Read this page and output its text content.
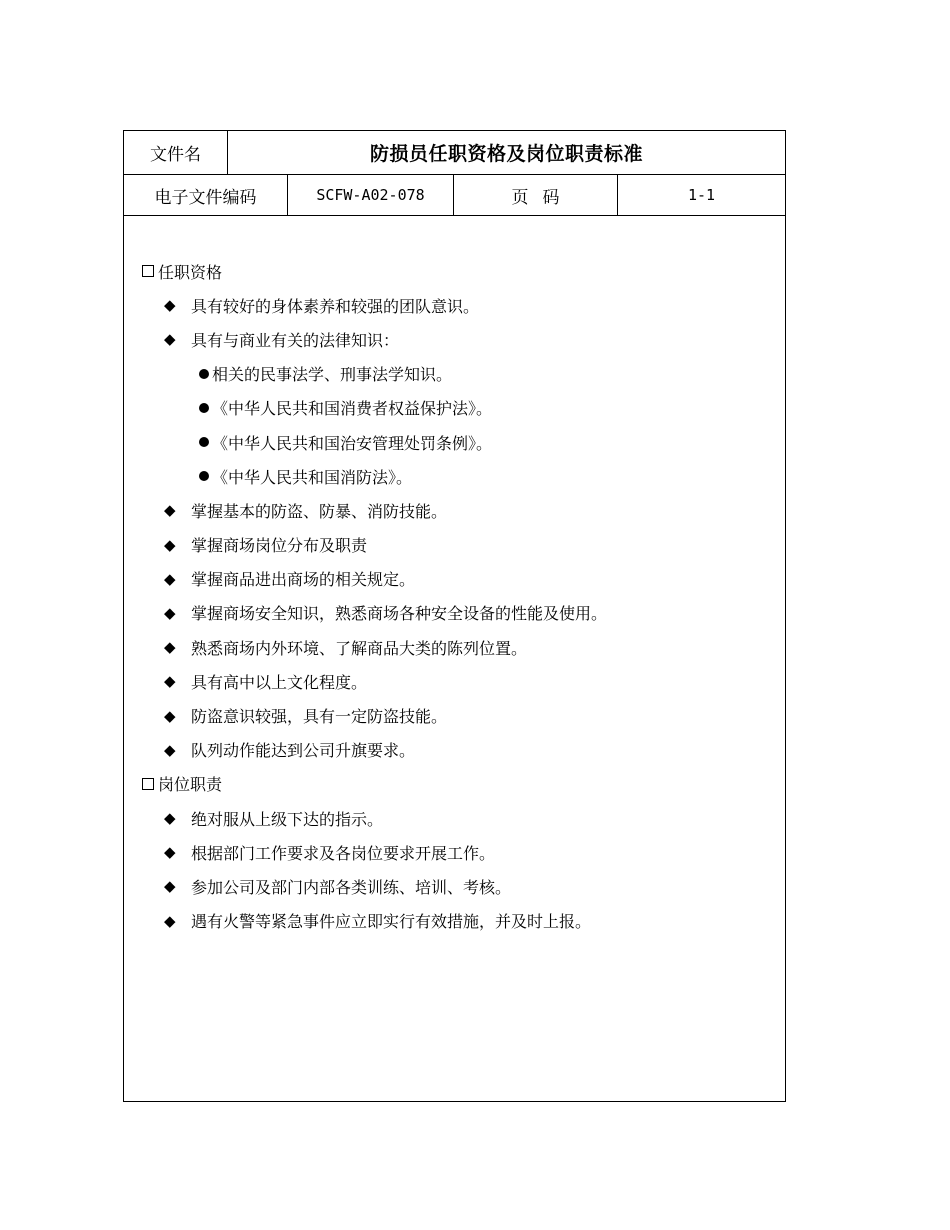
文件名	防损员任职资格及岗位职责标准
电子文件编码	SCFW-A02-078	页码	1-1
任职资格
◆ 具有较好的身体素养和较强的团队意识。
◆ 具有与商业有关的法律知识：
相关的民事法学、刑事法学知识。
《中华人民共和国消费者权益保护法》。
《中华人民共和国治安管理处罚条例》。
《中华人民共和国消防法》。
◆ 掌握基本的防盗、防暴、消防技能。
◆ 掌握商场岗位分布及职责
◆ 掌握商品进出商场的相关规定。
◆ 掌握商场安全知识，熟悉商场各种安全设备的性能及使用。
◆ 熟悉商场内外环境、了解商品大类的陈列位置。
◆ 具有高中以上文化程度。
◆ 防盗意识较强，具有一定防盗技能。
◆ 队列动作能达到公司升旗要求。
岗位职责
◆ 绝对服从上级下达的指示。
◆ 根据部门工作要求及各岗位要求开展工作。
◆ 参加公司及部门内部各类训练、培训、考核。
◆ 遇有火警等紧急事件应立即实行有效措施，并及时上报。
